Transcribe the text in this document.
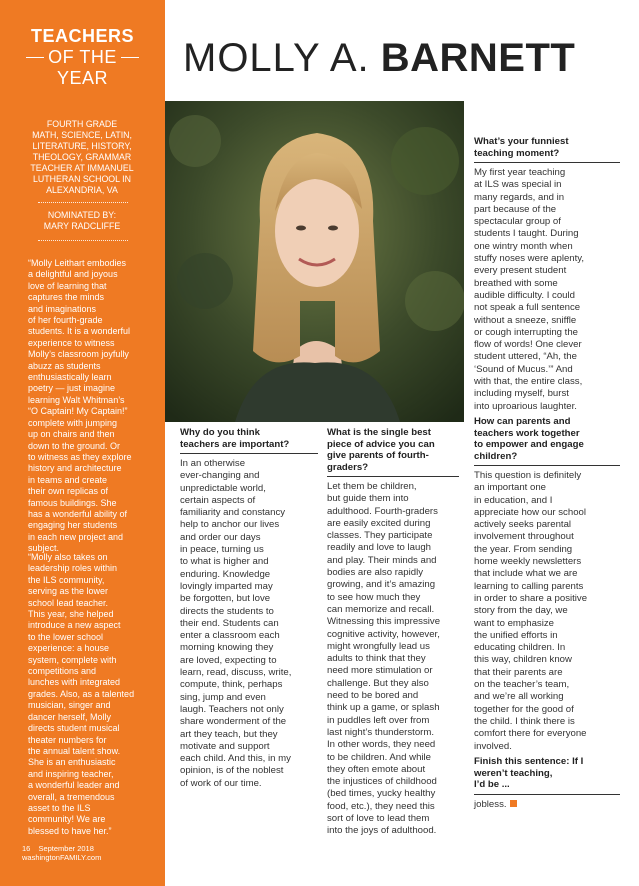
TEACHERS
OF THE
YEAR
FOURTH GRADE
MATH, SCIENCE, LATIN,
LITERATURE, HISTORY,
THEOLOGY, GRAMMAR
TEACHER AT IMMANUEL
LUTHERAN SCHOOL IN
ALEXANDRIA, VA
NOMINATED BY:
MARY RADCLIFFE
“Molly Leithart embodies
a delightful and joyous
love of learning that
captures the minds
and imaginations
of her fourth-grade
students. It is a wonderful
experience to witness
Molly’s classroom joyfully
abuzz as students
enthusiastically learn
poetry — just imagine
learning Walt Whitman’s
“O Captain! My Captain!”
complete with jumping
up on chairs and then
down to the ground. Or
to witness as they explore
history and architecture
in teams and create
their own replicas of
famous buildings. She
has a wonderful ability of
engaging her students
in each new project and
subject.
“Molly also takes on
leadership roles within
the ILS community,
serving as the lower
school lead teacher.
This year, she helped
introduce a new aspect
to the lower school
experience: a house
system, complete with
competitions and
lunches with integrated
grades. Also, as a talented
musician, singer and
dancer herself, Molly
directs student musical
theater numbers for
the annual talent show.
She is an enthusiastic
and inspiring teacher,
a wonderful leader and
overall, a tremendous
asset to the ILS
community! We are
blessed to have her.”
16 September 2018 washingtonFAMILY.com
MOLLY A. BARNETT
Why do you think
teachers are important?
In an otherwise
ever-changing and
unpredictable world,
certain aspects of
familiarity and constancy
help to anchor our lives
and order our days
in peace, turning us
to what is higher and
enduring. Knowledge
lovingly imparted may
be forgotten, but love
directs the students to
their end. Students can
enter a classroom each
morning knowing they
are loved, expecting to
learn, read, discuss, write,
compute, think, perhaps
sing, jump and even
laugh. Teachers not only
share wonderment of the
art they teach, but they
motivate and support
each child. And this, in my
opinion, is of the noblest
of work of our time.
What is the single best
piece of advice you can
give parents of fourth-
graders?
Let them be children,
but guide them into
adulthood. Fourth-graders
are easily excited during
classes. They participate
readily and love to laugh
and play. Their minds and
bodies are also rapidly
growing, and it’s amazing
to see how much they
can memorize and recall.
Witnessing this impressive
cognitive activity, however,
might wrongfully lead us
adults to think that they
need more stimulation or
challenge. But they also
need to be bored and
think up a game, or splash
in puddles left over from
last night’s thunderstorm.
In other words, they need
to be children. And while
they often emote about
the injustices of childhood
(bed times, yucky healthy
food, etc.), they need this
sort of love to lead them
into the joys of adulthood.
What’s your funniest
teaching moment?
My first year teaching
at ILS was special in
many regards, and in
part because of the
spectacular group of
students I taught. During
one wintry month when
stuffy noses were aplenty,
every present student
breathed with some
audible difficulty. I could
not speak a full sentence
without a sneeze, sniffle
or cough interrupting the
flow of words! One clever
student uttered, “Ah, the
‘Sound of Mucus.’” And
with that, the entire class,
including myself, burst
into uproarious laughter.
How can parents and
teachers work together
to empower and engage
children?
This question is definitely
an important one
in education, and I
appreciate how our school
actively seeks parental
involvement throughout
the year. From sending
home weekly newsletters
that include what we are
learning to calling parents
in order to share a positive
story from the day, we
want to emphasize
the unified efforts in
educating children. In
this way, children know
that their parents are
on the teacher’s team,
and we’re all working
together for the good of
the child. I think there is
comfort there for everyone
involved.
Finish this sentence: If I
weren’t teaching,
I’d be ...
jobless.
